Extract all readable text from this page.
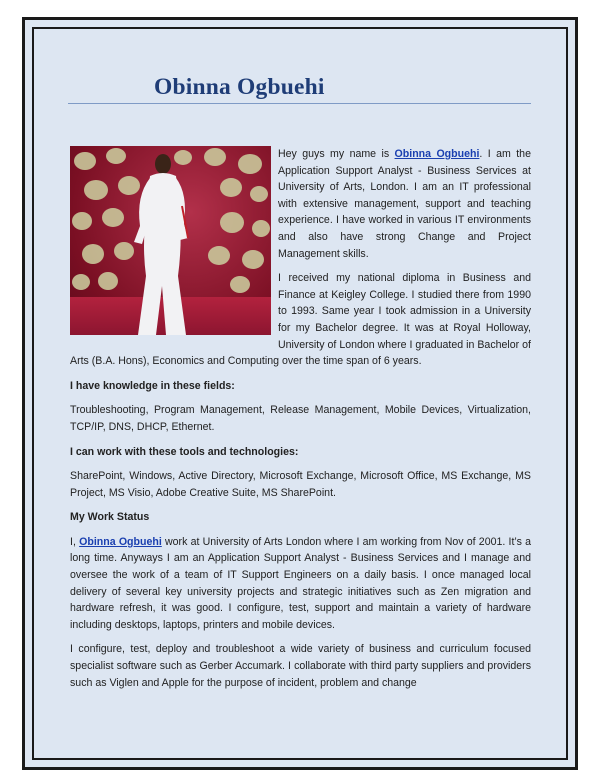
Obinna Ogbuehi

Hey guys my name is Obinna Ogbuehi. I am the Application Support Analyst - Business Services at University of Arts, London. I am an IT professional with extensive management, support and teaching experience. I have worked in various IT environments and also have strong Change and Project Management skills.

I received my national diploma in Business and Finance at Keigley College. I studied there from 1990 to 1993. Same year I took admission in a University for my Bachelor degree. It was at Royal Holloway, University of London where I graduated in Bachelor of Arts (B.A. Hons), Economics and Computing over the time span of 6 years.

I have knowledge in these fields:

Troubleshooting, Program Management, Release Management, Mobile Devices, Virtualization, TCP/IP, DNS, DHCP, Ethernet.

I can work with these tools and technologies:

SharePoint, Windows, Active Directory, Microsoft Exchange, Microsoft Office, MS Exchange, MS Project, MS Visio, Adobe Creative Suite, MS SharePoint.

My Work Status

I, Obinna Ogbuehi work at University of Arts London where I am working from Nov of 2001. It’s a long time. Anyways I am an Application Support Analyst - Business Services and I manage and oversee the work of a team of IT Support Engineers on a daily basis. I once managed local delivery of several key university projects and strategic initiatives such as Zen migration and hardware refresh, it was good. I configure, test, support and maintain a variety of hardware including desktops, laptops, printers and mobile devices.

I configure, test, deploy and troubleshoot a wide variety of business and curriculum focused specialist software such as Gerber Accumark. I collaborate with third party suppliers and providers such as Viglen and Apple for the purpose of incident, problem and change
